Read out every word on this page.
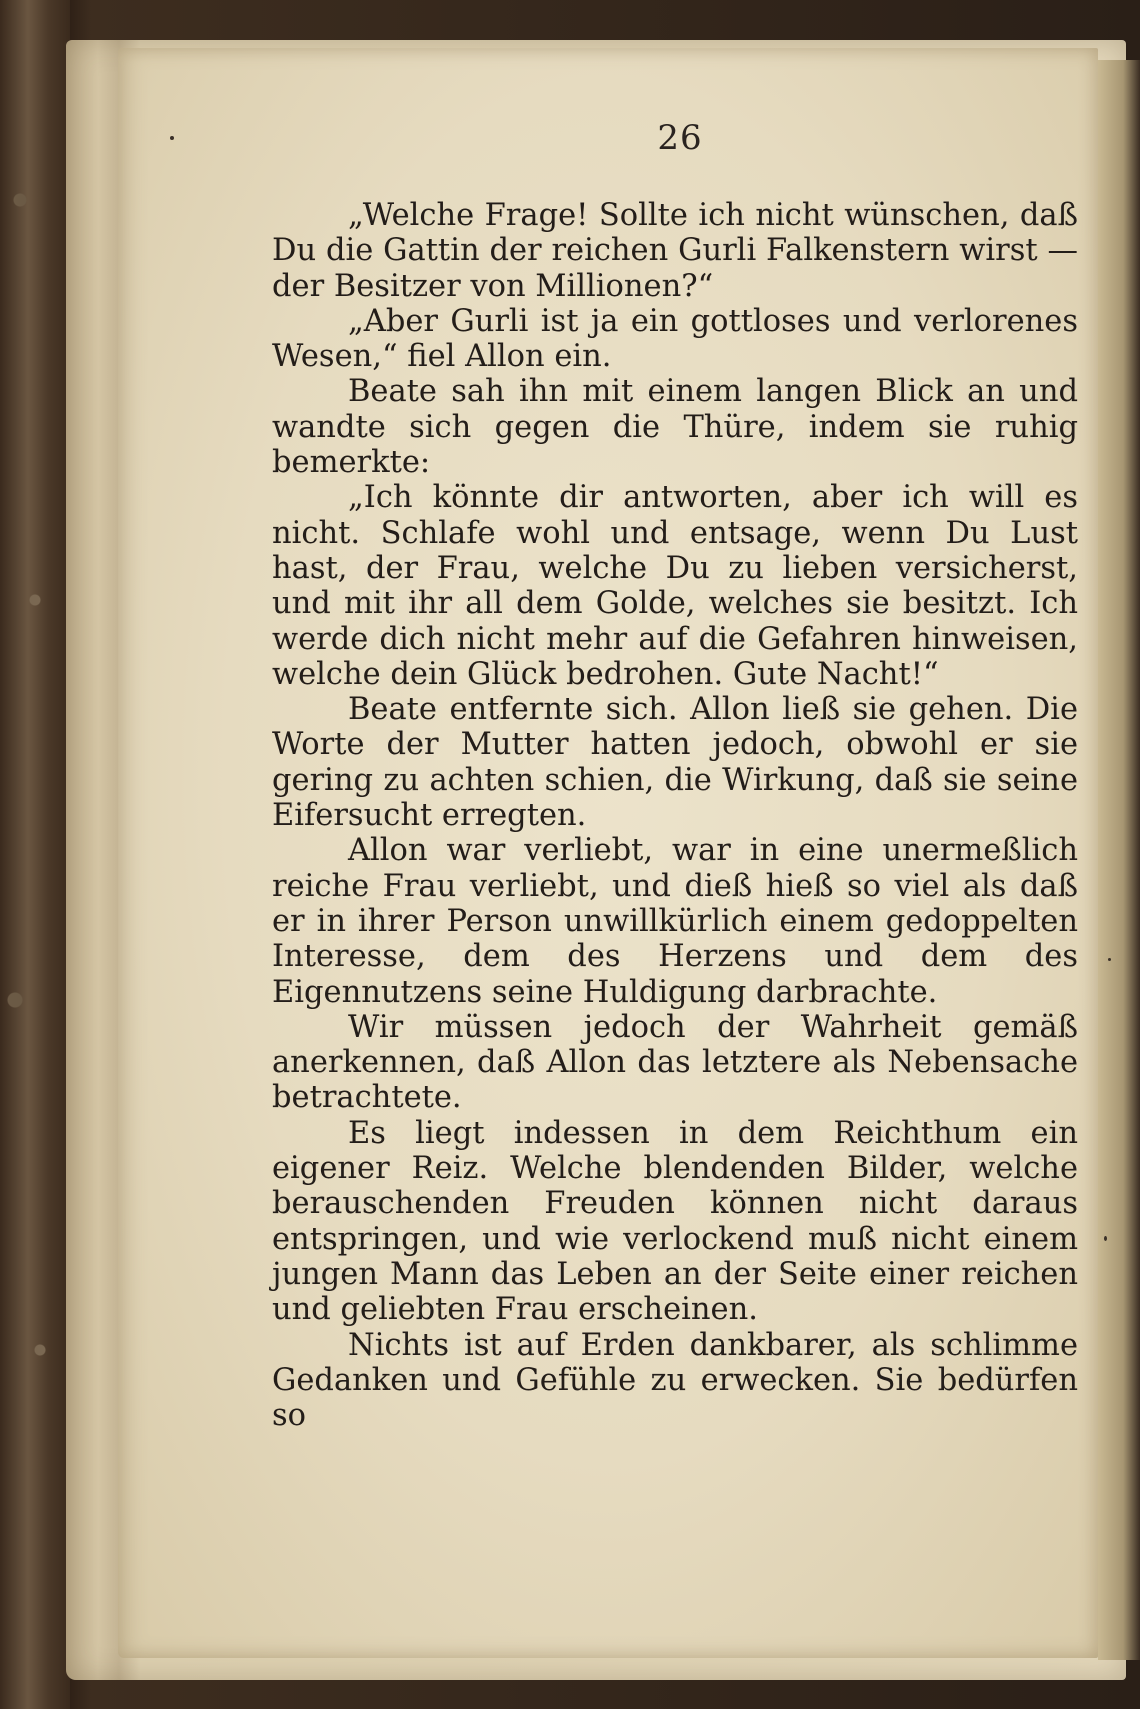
26

„Welche Frage! Sollte ich nicht wünschen, daß Du die Gattin der reichen Gurli Falkenstern wirst — der Besitzer von Millionen?“

„Aber Gurli ist ja ein gottloses und verlorenes Wesen,“ fiel Allon ein.

Beate sah ihn mit einem langen Blick an und wandte sich gegen die Thüre, indem sie ruhig bemerkte:

„Ich könnte dir antworten, aber ich will es nicht. Schlafe wohl und entsage, wenn Du Lust hast, der Frau, welche Du zu lieben versicherst, und mit ihr all dem Golde, welches sie besitzt. Ich werde dich nicht mehr auf die Gefahren hinweisen, welche dein Glück bedrohen. Gute Nacht!“

Beate entfernte sich. Allon ließ sie gehen. Die Worte der Mutter hatten jedoch, obwohl er sie gering zu achten schien, die Wirkung, daß sie seine Eifersucht erregten.

Allon war verliebt, war in eine unermeßlich reiche Frau verliebt, und dieß hieß so viel als daß er in ihrer Person unwillkürlich einem gedoppelten Interesse, dem des Herzens und dem des Eigennutzens seine Huldigung darbrachte.

Wir müssen jedoch der Wahrheit gemäß anerkennen, daß Allon das letztere als Nebensache betrachtete.

Es liegt indessen in dem Reichthum ein eigener Reiz. Welche blendenden Bilder, welche berauschenden Freuden können nicht daraus entspringen, und wie verlockend muß nicht einem jungen Mann das Leben an der Seite einer reichen und geliebten Frau erscheinen.

Nichts ist auf Erden dankbarer, als schlimme Gedanken und Gefühle zu erwecken. Sie bedürfen so
